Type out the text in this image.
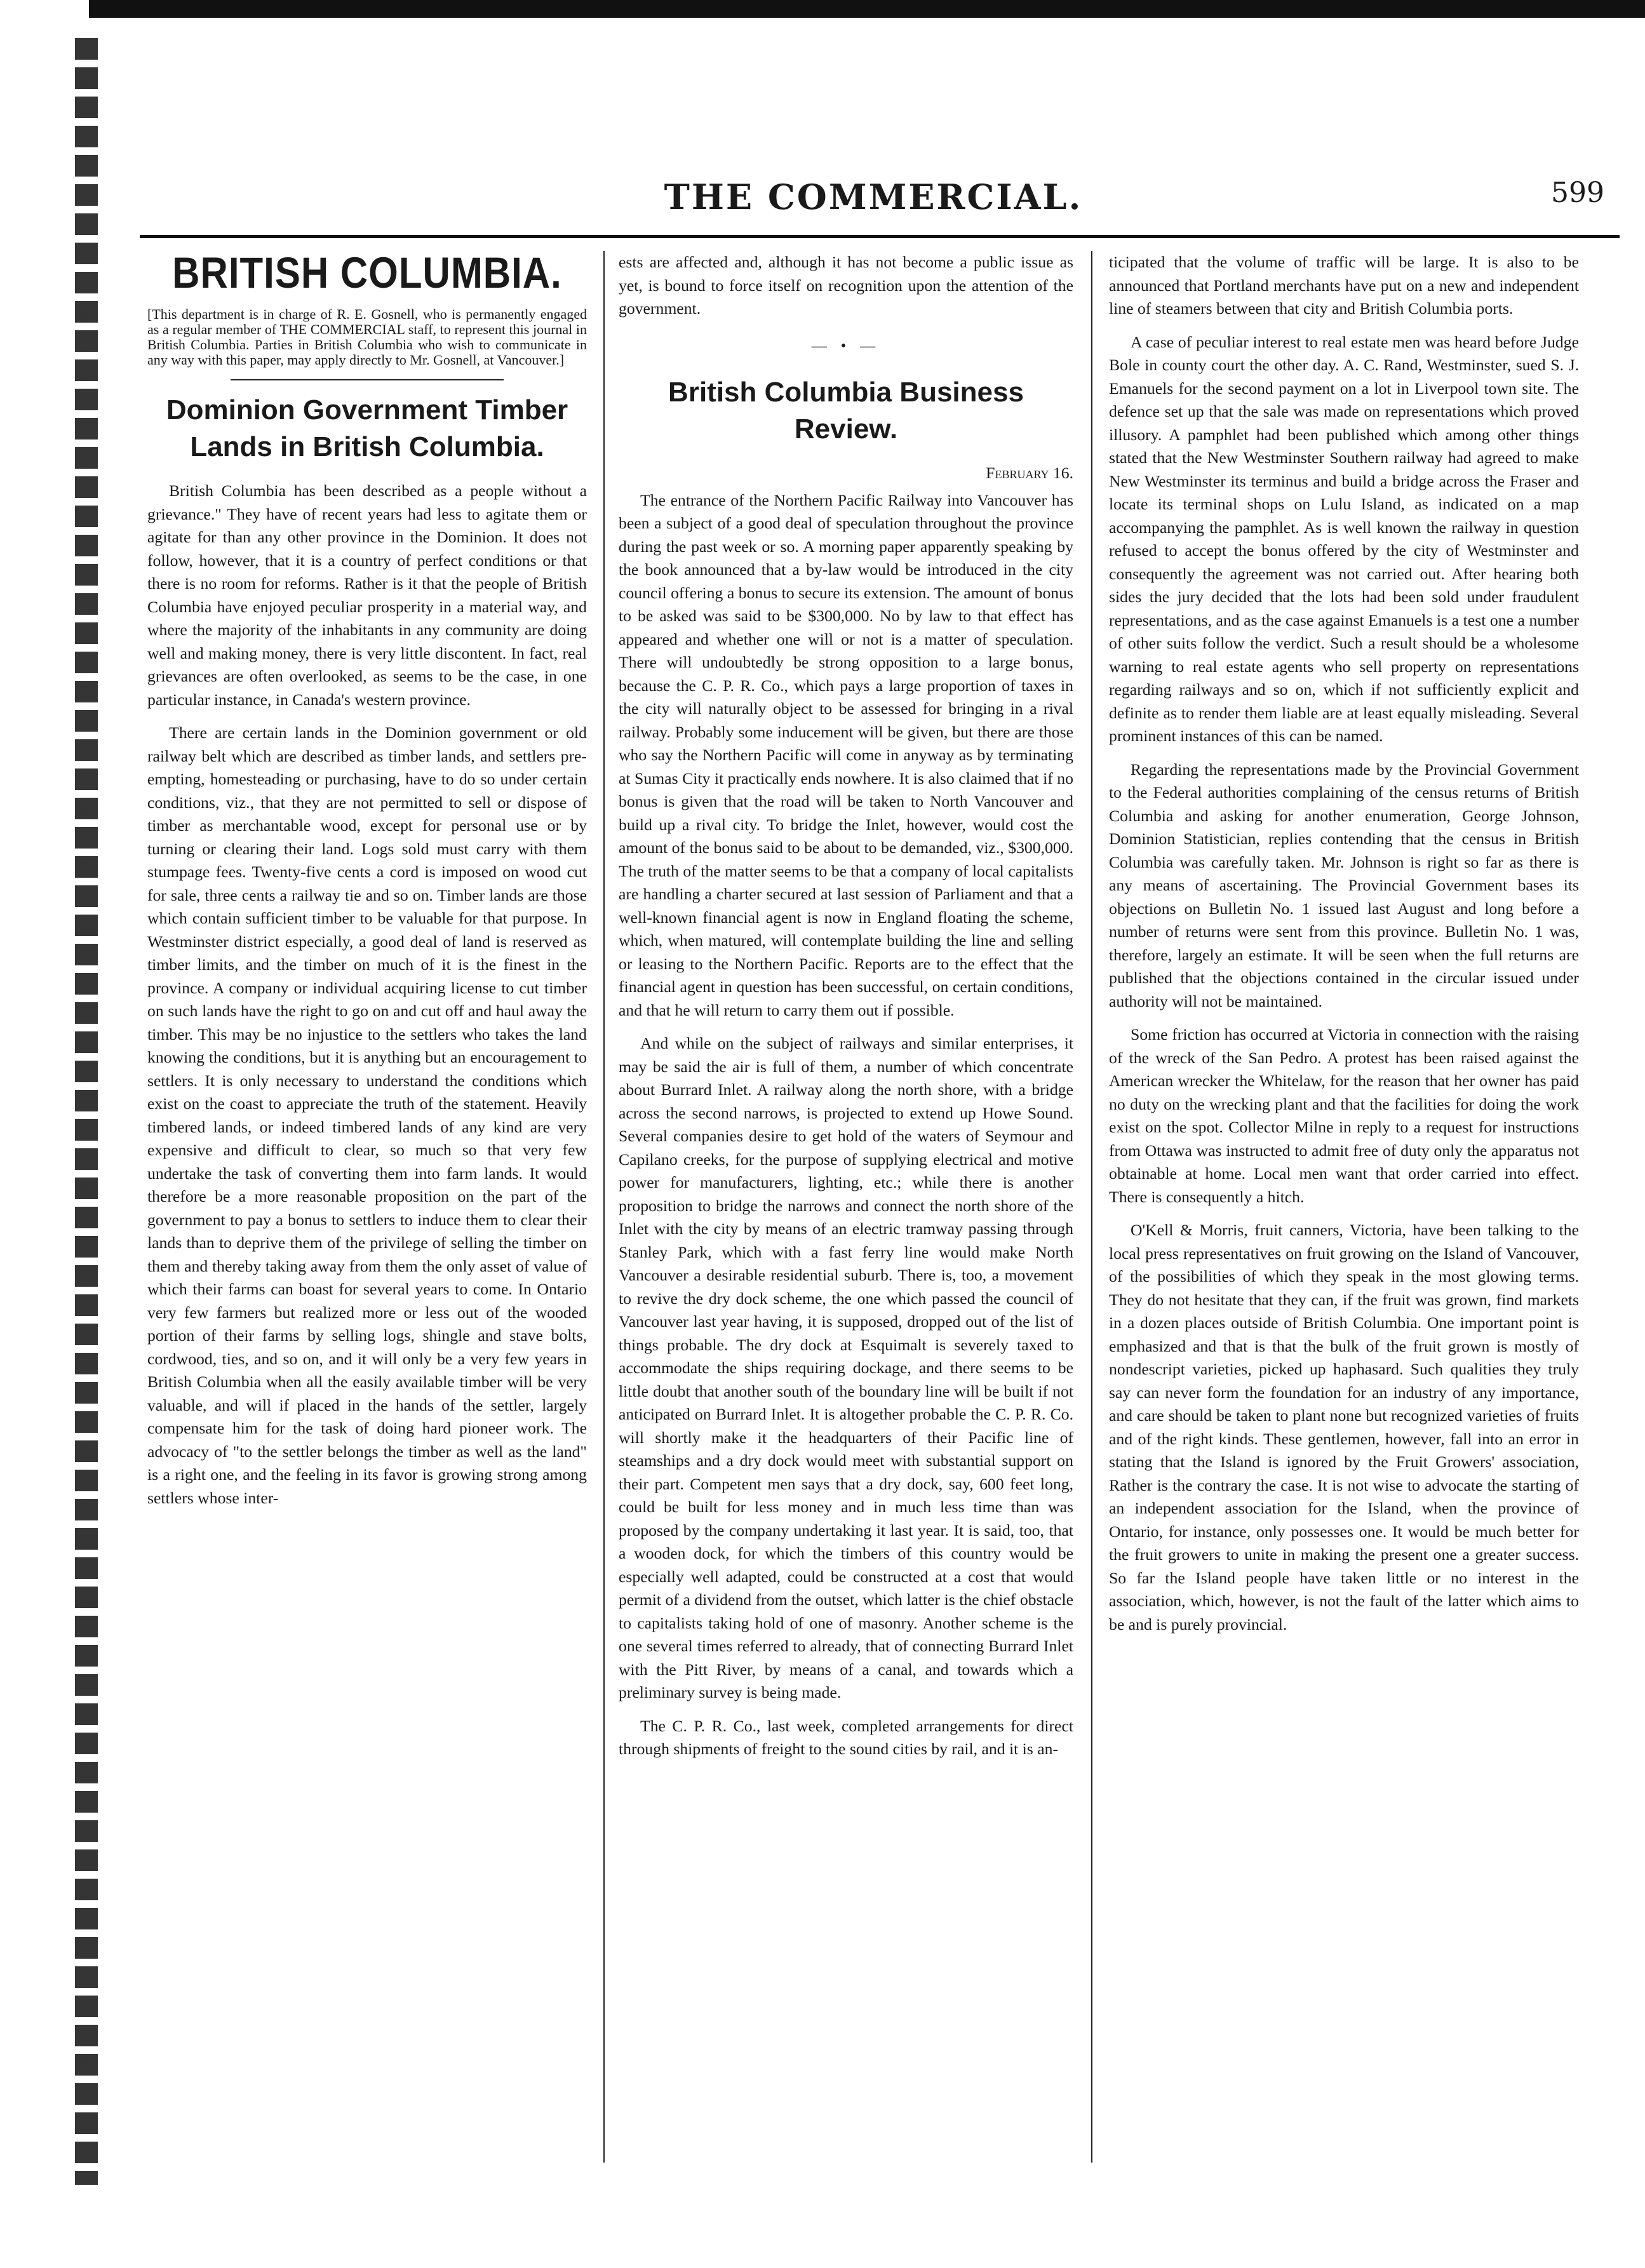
THE COMMERCIAL.	599
BRITISH COLUMBIA.
[This department is in charge of R. E. Gosnell, who is permanently engaged as a regular member of THE COMMERCIAL staff, to represent this journal in British Columbia. Parties in British Columbia who wish to communicate in any way with this paper, may apply directly to Mr. Gosnell, at Vancouver.]
Dominion Government Timber Lands in British Columbia.

British Columbia has been described as a people without a grievance." They have of recent years had less to agitate them or agitate for than any other province in the Dominion. It does not follow, however, that it is a country of perfect conditions or that there is no room for reforms. Rather is it that the people of British Columbia have enjoyed peculiar prosperity in a material way, and where the majority of the inhabitants in any community are doing well and making money, there is very little discontent. In fact, real grievances are often overlooked, as seems to be the case, in one particular instance, in Canada's western province.

There are certain lands in the Dominion government or old railway belt which are described as timber lands, and settlers pre-empting, homesteading or purchasing, have to do so under certain conditions, viz., that they are not permitted to sell or dispose of timber as merchantable wood, except for personal use or by turning or clearing their land. Logs sold must carry with them stumpage fees. Twenty-five cents a cord is imposed on wood cut for sale, three cents a railway tie and so on. Timber lands are those which contain sufficient timber to be valuable for that purpose. In Westminster district especially, a good deal of land is reserved as timber limits, and the timber on much of it is the finest in the province. A company or individual acquiring license to cut timber on such lands have the right to go on and cut off and haul away the timber. This may be no injustice to the settlers who takes the land knowing the conditions, but it is anything but an encouragement to settlers. It is only necessary to understand the conditions which exist on the coast to appreciate the truth of the statement. Heavily timbered lands, or indeed timbered lands of any kind are very expensive and difficult to clear, so much so that very few undertake the task of converting them into farm lands. It would therefore be a more reasonable proposition on the part of the government to pay a bonus to settlers to induce them to clear their lands than to deprive them of the privilege of selling the timber on them and thereby taking away from them the only asset of value of which their farms can boast for several years to come. In Ontario very few farmers but realized more or less out of the wooded portion of their farms by selling logs, shingle and stave bolts, cordwood, ties, and so on, and it will only be a very few years in British Columbia when all the easily available timber will be very valuable, and will if placed in the hands of the settler, largely compensate him for the task of doing hard pioneer work. The advocacy of "to the settler belongs the timber as well as the land" is a right one, and the feeling in its favor is growing strong among settlers whose inter-

ests are affected and, although it has not become a public issue as yet, is bound to force itself on recognition upon the attention of the government.

— • —
British Columbia Business Review.
February 16.

The entrance of the Northern Pacific Railway into Vancouver has been a subject of a good deal of speculation throughout the province during the past week or so. A morning paper apparently speaking by the book announced that a by-law would be introduced in the city council offering a bonus to secure its extension. The amount of bonus to be asked was said to be $300,000. No by law to that effect has appeared and whether one will or not is a matter of speculation. There will undoubtedly be strong opposition to a large bonus, because the C. P. R. Co., which pays a large proportion of taxes in the city will naturally object to be assessed for bringing in a rival railway. Probably some inducement will be given, but there are those who say the Northern Pacific will come in anyway as by terminating at Sumas City it practically ends nowhere. It is also claimed that if no bonus is given that the road will be taken to North Vancouver and build up a rival city. To bridge the Inlet, however, would cost the amount of the bonus said to be about to be demanded, viz., $300,000. The truth of the matter seems to be that a company of local capitalists are handling a charter secured at last session of Parliament and that a well-known financial agent is now in England floating the scheme, which, when matured, will contemplate building the line and selling or leasing to the Northern Pacific. Reports are to the effect that the financial agent in question has been successful, on certain conditions, and that he will return to carry them out if possible.

And while on the subject of railways and similar enterprises, it may be said the air is full of them, a number of which concentrate about Burrard Inlet. A railway along the north shore, with a bridge across the second narrows, is projected to extend up Howe Sound. Several companies desire to get hold of the waters of Seymour and Capilano creeks, for the purpose of supplying electrical and motive power for manufacturers, lighting, etc.; while there is another proposition to bridge the narrows and connect the north shore of the Inlet with the city by means of an electric tramway passing through Stanley Park, which with a fast ferry line would make North Vancouver a desirable residential suburb. There is, too, a movement to revive the dry dock scheme, the one which passed the council of Vancouver last year having, it is supposed, dropped out of the list of things probable. The dry dock at Esquimalt is severely taxed to accommodate the ships requiring dockage, and there seems to be little doubt that another south of the boundary line will be built if not anticipated on Burrard Inlet. It is altogether probable the C. P. R. Co. will shortly make it the headquarters of their Pacific line of steamships and a dry dock would meet with substantial support on their part. Competent men says that a dry dock, say, 600 feet long, could be built for less money and in much less time than was proposed by the company undertaking it last year. It is said, too, that a wooden dock, for which the timbers of this country would be especially well adapted, could be constructed at a cost that would permit of a dividend from the outset, which latter is the chief obstacle to capitalists taking hold of one of masonry. Another scheme is the one several times referred to already, that of connecting Burrard Inlet with the Pitt River, by means of a canal, and towards which a preliminary survey is being made.

The C. P. R. Co., last week, completed arrangements for direct through shipments of freight to the sound cities by rail, and it is an-

ticipated that the volume of traffic will be large. It is also to be announced that Portland merchants have put on a new and independent line of steamers between that city and British Columbia ports.

A case of peculiar interest to real estate men was heard before Judge Bole in county court the other day. A. C. Rand, Westminster, sued S. J. Emanuels for the second payment on a lot in Liverpool town site. The defence set up that the sale was made on representations which proved illusory. A pamphlet had been published which among other things stated that the New Westminster Southern railway had agreed to make New Westminster its terminus and build a bridge across the Fraser and locate its terminal shops on Lulu Island, as indicated on a map accompanying the pamphlet. As is well known the railway in question refused to accept the bonus offered by the city of Westminster and consequently the agreement was not carried out. After hearing both sides the jury decided that the lots had been sold under fraudulent representations, and as the case against Emanuels is a test one a number of other suits follow the verdict. Such a result should be a wholesome warning to real estate agents who sell property on representations regarding railways and so on, which if not sufficiently explicit and definite as to render them liable are at least equally misleading. Several prominent instances of this can be named.

Regarding the representations made by the Provincial Government to the Federal authorities complaining of the census returns of British Columbia and asking for another enumeration, George Johnson, Dominion Statistician, replies contending that the census in British Columbia was carefully taken. Mr. Johnson is right so far as there is any means of ascertaining. The Provincial Government bases its objections on Bulletin No. 1 issued last August and long before a number of returns were sent from this province. Bulletin No. 1 was, therefore, largely an estimate. It will be seen when the full returns are published that the objections contained in the circular issued under authority will not be maintained.

Some friction has occurred at Victoria in connection with the raising of the wreck of the San Pedro. A protest has been raised against the American wrecker the Whitelaw, for the reason that her owner has paid no duty on the wrecking plant and that the facilities for doing the work exist on the spot. Collector Milne in reply to a request for instructions from Ottawa was instructed to admit free of duty only the apparatus not obtainable at home. Local men want that order carried into effect. There is consequently a hitch.

O'Kell & Morris, fruit canners, Victoria, have been talking to the local press representatives on fruit growing on the Island of Vancouver, of the possibilities of which they speak in the most glowing terms. They do not hesitate that they can, if the fruit was grown, find markets in a dozen places outside of British Columbia. One important point is emphasized and that is that the bulk of the fruit grown is mostly of nondescript varieties, picked up haphasard. Such qualities they truly say can never form the foundation for an industry of any importance, and care should be taken to plant none but recognized varieties of fruits and of the right kinds. These gentlemen, however, fall into an error in stating that the Island is ignored by the Fruit Growers' association, Rather is the contrary the case. It is not wise to advocate the starting of an independent association for the Island, when the province of Ontario, for instance, only possesses one. It would be much better for the fruit growers to unite in making the present one a greater success. So far the Island people have taken little or no interest in the association, which, however, is not the fault of the latter which aims to be and is purely provincial.
